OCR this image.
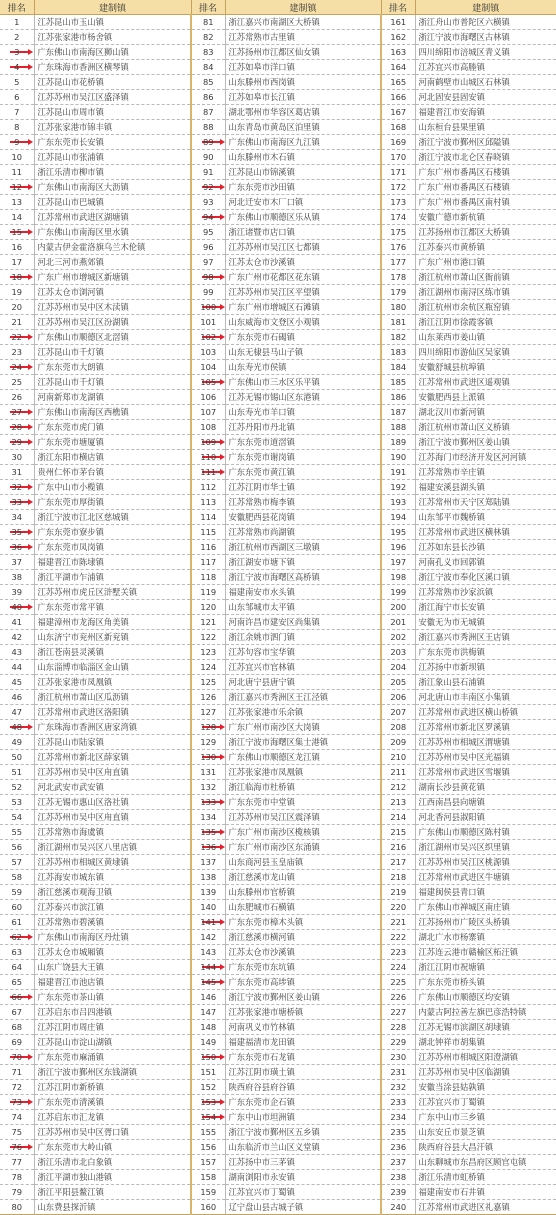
排名	建制镇	排名	建制镇	排名	建制镇
1	江苏昆山市玉山镇	81	浙江嘉兴市南湖区大桥镇	161	浙江舟山市普陀区六横镇
2	江苏张家港市杨舍镇	82	江苏常熟市古里镇	162	浙江宁波市海曙区古林镇

3	广东佛山市南海区狮山镇	83	江苏扬州市江都区仙女镇	163	四川绵阳市涪城区青义镇

4	广东珠海市香洲区横琴镇	84	江苏如皋市洋口镇	164	江苏宜兴市高塍镇
5	江苏昆山市花桥镇	85	山东滕州市西岗镇	165	河南鹤壁市山城区石林镇
6	江苏苏州市吴江区盛泽镇	86	江苏如皋市长江镇	166	河北固安县固安镇
7	江苏昆山市周市镇	87	湖北鄂州市华容区葛店镇	167	福建晋江市安海镇
8	江苏张家港市锦丰镇	88	山东青岛市黄岛区泊里镇	168	山东桓台县果里镇

9	广东东莞市长安镇	89	广东佛山市南海区九江镇	169	浙江宁波市鄞州区邱隘镇
10	江苏昆山市张浦镇	90	山东滕州市木石镇	170	浙江宁波市北仑区春晓镇
11	浙江乐清市柳市镇	91	江苏昆山市锦溪镇	171	广东广州市番禺区石楼镇

12	广东佛山市南海区大沥镇	92	广东东莞市沙田镇	172	广东广州市番禺区石楼镇
13	江苏昆山市巴城镇	93	河北迁安市木厂口镇	173	广东广州市番禺区南村镇
14	江苏常州市武进区湖塘镇	94	广东佛山市顺德区乐从镇	174	安徽广德市新杭镇

15	广东佛山市南海区里水镇	95	浙江诸暨市店口镇	175	江苏扬州市江都区大桥镇
16	内蒙古伊金霍洛旗乌兰木伦镇	96	江苏苏州市吴江区七都镇	176	江苏泰兴市黄桥镇
17	河北三河市燕郊镇	97	江苏太仓市沙溪镇	177	广东广州市港口镇

18	广东广州市增城区新塘镇	98	广东广州市花都区花东镇	178	浙江杭州市萧山区衙前镇
19	江苏太仓市浏河镇	99	江苏苏州市吴江区平望镇	179	浙江湖州市南浔区练市镇
20	江苏苏州市吴中区木渎镇	100	广东广州市增城区石滩镇	180	浙江杭州市余杭区瓶窑镇
21	江苏苏州市吴江区汾湖镇	101	山东威海市文登区小观镇	181	浙江江阴市徐霞客镇

22	广东佛山市顺德区北滘镇	102	广东东莞市石碣镇	182	山东莱西市姜山镇
23	江苏昆山市千灯镇	103	山东无棣县马山子镇	183	四川绵阳市游仙区吴家镇

24	广东东莞市大朗镇	104	山东寿光市侯镇	184	安徽舒城县杭埠镇
25	江苏昆山市千灯镇	105	广东佛山市三水区乐平镇	185	江苏常州市武进区遥观镇
26	河南新郑市龙湖镇	106	江苏无锡市锡山区东港镇	186	安徽肥西县上派镇

27	广东佛山市南海区西樵镇	107	山东寿光市羊口镇	187	湖北汉川市新河镇

28	广东东莞市虎门镇	108	江苏丹阳市丹北镇	188	浙江杭州市萧山区义桥镇

29	广东东莞市塘厦镇	109	广东东莞市道滘镇	189	浙江宁波市鄞州区姜山镇
30	浙江东阳市横店镇	110	广东东莞市谢岗镇	190	江苏海门市经济开发区河河镇
31	贵州仁怀市茅台镇	111	广东东莞市黄江镇	191	江苏常熟市辛庄镇

32	广东中山市小榄镇	112	江苏江阴市华士镇	192	福建安溪县湖头镇

33	广东东莞市厚街镇	113	江苏常熟市梅李镇	193	江苏常州市天宁区郑陆镇
34	浙江宁波市江北区慈城镇	114	安徽肥西县花岗镇	194	山东邹平市魏桥镇

35	广东东莞市寮步镇	115	江苏常熟市尚湖镇	195	江苏常州市武进区横林镇

36	广东东莞市凤岗镇	116	浙江杭州市西湖区三墩镇	196	江苏如东县长沙镇
37	福建晋江市陈埭镇	117	浙江湖安市塘下镇	197	河南孔义市回郭镇
38	浙江平湖市乍浦镇	118	浙江宁波市海曙区高桥镇	198	浙江宁波市奉化区溪口镇
39	江苏苏州市虎丘区浒墅关镇	119	福建南安市水头镇	199	江苏常熟市沙家浜镇

40	广东东莞市常平镇	120	山东邹城市太平镇	200	浙江海宁市长安镇
41	福建漳州市龙海区角美镇	121	河南许昌市建安区尚集镇	201	安徽无为市无城镇
42	山东济宁市兖州区新兖镇	122	浙江余姚市泗门镇	202	浙江嘉兴市秀洲区王店镇
43	浙江苍南县灵溪镇	123	江苏句容市宝华镇	203	广东东莞市洪梅镇
44	山东淄博市临淄区金山镇	124	江苏宜兴市官林镇	204	江苏扬中市新坝镇
45	江苏张家港市凤凰镇	125	河北唐宁县唐宁镇	205	浙江象山县石浦镇
46	浙江杭州市萧山区瓜沥镇	126	浙江嘉兴市秀洲区王江泾镇	206	河北唐山市丰南区小集镇
47	江苏常州市武进区洛阳镇	127	江苏张家港市乐余镇	207	江苏常州市武进区横山桥镇

48	广东珠海市香洲区唐家湾镇	128	广东广州市南沙区大岗镇	208	江苏常州市新北区罗溪镇
49	江苏昆山市陆家镇	129	浙江宁波市海曙区集士港镇	209	江苏苏州市相城区渭塘镇
50	江苏常州市新北区薛家镇	130	广东佛山市顺德区龙江镇	210	江苏苏州市吴中区光福镇
51	江苏苏州市吴中区甪直镇	131	江苏张家港市凤凰镇	211	江苏常州市武进区雪堰镇
52	河北武安市武安镇	132	浙江临海市杜桥镇	212	湖南长沙县黄花镇
53	江苏无锡市惠山区洛社镇	133	广东东莞市中堂镇	213	江西南昌县向塘镇
54	江苏苏州市吴中区甪直镇	134	江苏苏州市吴江区震泽镇	214	河北香河县淑阳镇
55	江苏常熟市海虞镇	135	广东广州市南沙区榄核镇	215	广东佛山市顺德区陈村镇
56	浙江湖州市吴兴区八里店镇	136	广东广州市南沙区东涌镇	216	浙江湖州市吴兴区织里镇
57	江苏苏州市相城区黄埭镇	137	山东商河县玉皇庙镇	217	江苏苏州市吴江区桃源镇
58	江苏海安市城东镇	138	浙江慈溪市龙山镇	218	江苏常州市武进区牛塘镇
59	浙江慈溪市观海卫镇	139	山东滕州市官桥镇	219	福建闽侯县青口镇
60	江苏泰兴市滨江镇	140	山东肥城市石横镇	220	广东佛山市禅城区南庄镇
61	江苏常熟市碧溪镇	141	广东东莞市樟木头镇	221	江苏扬州市广陵区头桥镇

62	广东佛山市南海区丹灶镇	142	浙江慈溪市横河镇	222	湖北广水市杨寨镇
63	江苏太仓市城厢镇	143	江苏太仓市沙溪镇	223	江苏连云港市赣榆区柘汪镇
64	山东广饶县大王镇	144	广东东莞市东坑镇	224	浙江江阴市祝塘镇
65	福建晋江市池店镇	145	广东东莞市高埗镇	225	广东东莞市桥头镇

66	广东东莞市茶山镇	146	浙江宁波市鄞州区姜山镇	226	广东佛山市顺德区均安镇
67	江苏启东市吕四港镇	147	江苏张家港市塘桥镇	227	内蒙古阿拉善左旗巴彦浩特镇
68	江苏江阴市周庄镇	148	河南巩义市竹林镇	228	江苏无锡市滨湖区胡埭镇
69	江苏昆山市淀山湖镇	149	福建福清市龙田镇	229	湖北钟祥市胡集镇

70	广东东莞市麻涌镇	150	广东东莞市石龙镇	230	江苏苏州市相城区阳澄湖镇
71	浙江宁波市鄞州区东钱湖镇	151	江苏江阴市璜土镇	231	江苏苏州市吴中区临湖镇
72	江苏江阴市新桥镇	152	陕西府谷县府谷镇	232	安徽当涂县姑孰镇

73	广东东莞市清溪镇	153	广东东莞市企石镇	233	江苏宜兴市丁蜀镇
74	江苏启东市汇龙镇	154	广东中山市坦洲镇	234	广东中山市三乡镇
75	江苏苏州市吴中区胥口镇	155	浙江宁波市鄞州区五乡镇	235	山东安丘市景芝镇

76	广东东莞市大岭山镇	156	山东临沂市兰山区义堂镇	236	陕西府谷县大昌汗镇
77	浙江乐清市北白象镇	157	江苏扬中市三茅镇	237	山东聊城市东昌府区顾官屯镇
78	浙江平湖市独山港镇	158	湖南浏阳市永安镇	238	浙江乐清市虹桥镇
79	浙江平阳县鳌江镇	159	江苏宜兴市丁蜀镇	239	福建南安市石井镇
80	山东费县探沂镇	160	辽宁盘山县古城子镇	240	江苏常州市武进区礼嘉镇
